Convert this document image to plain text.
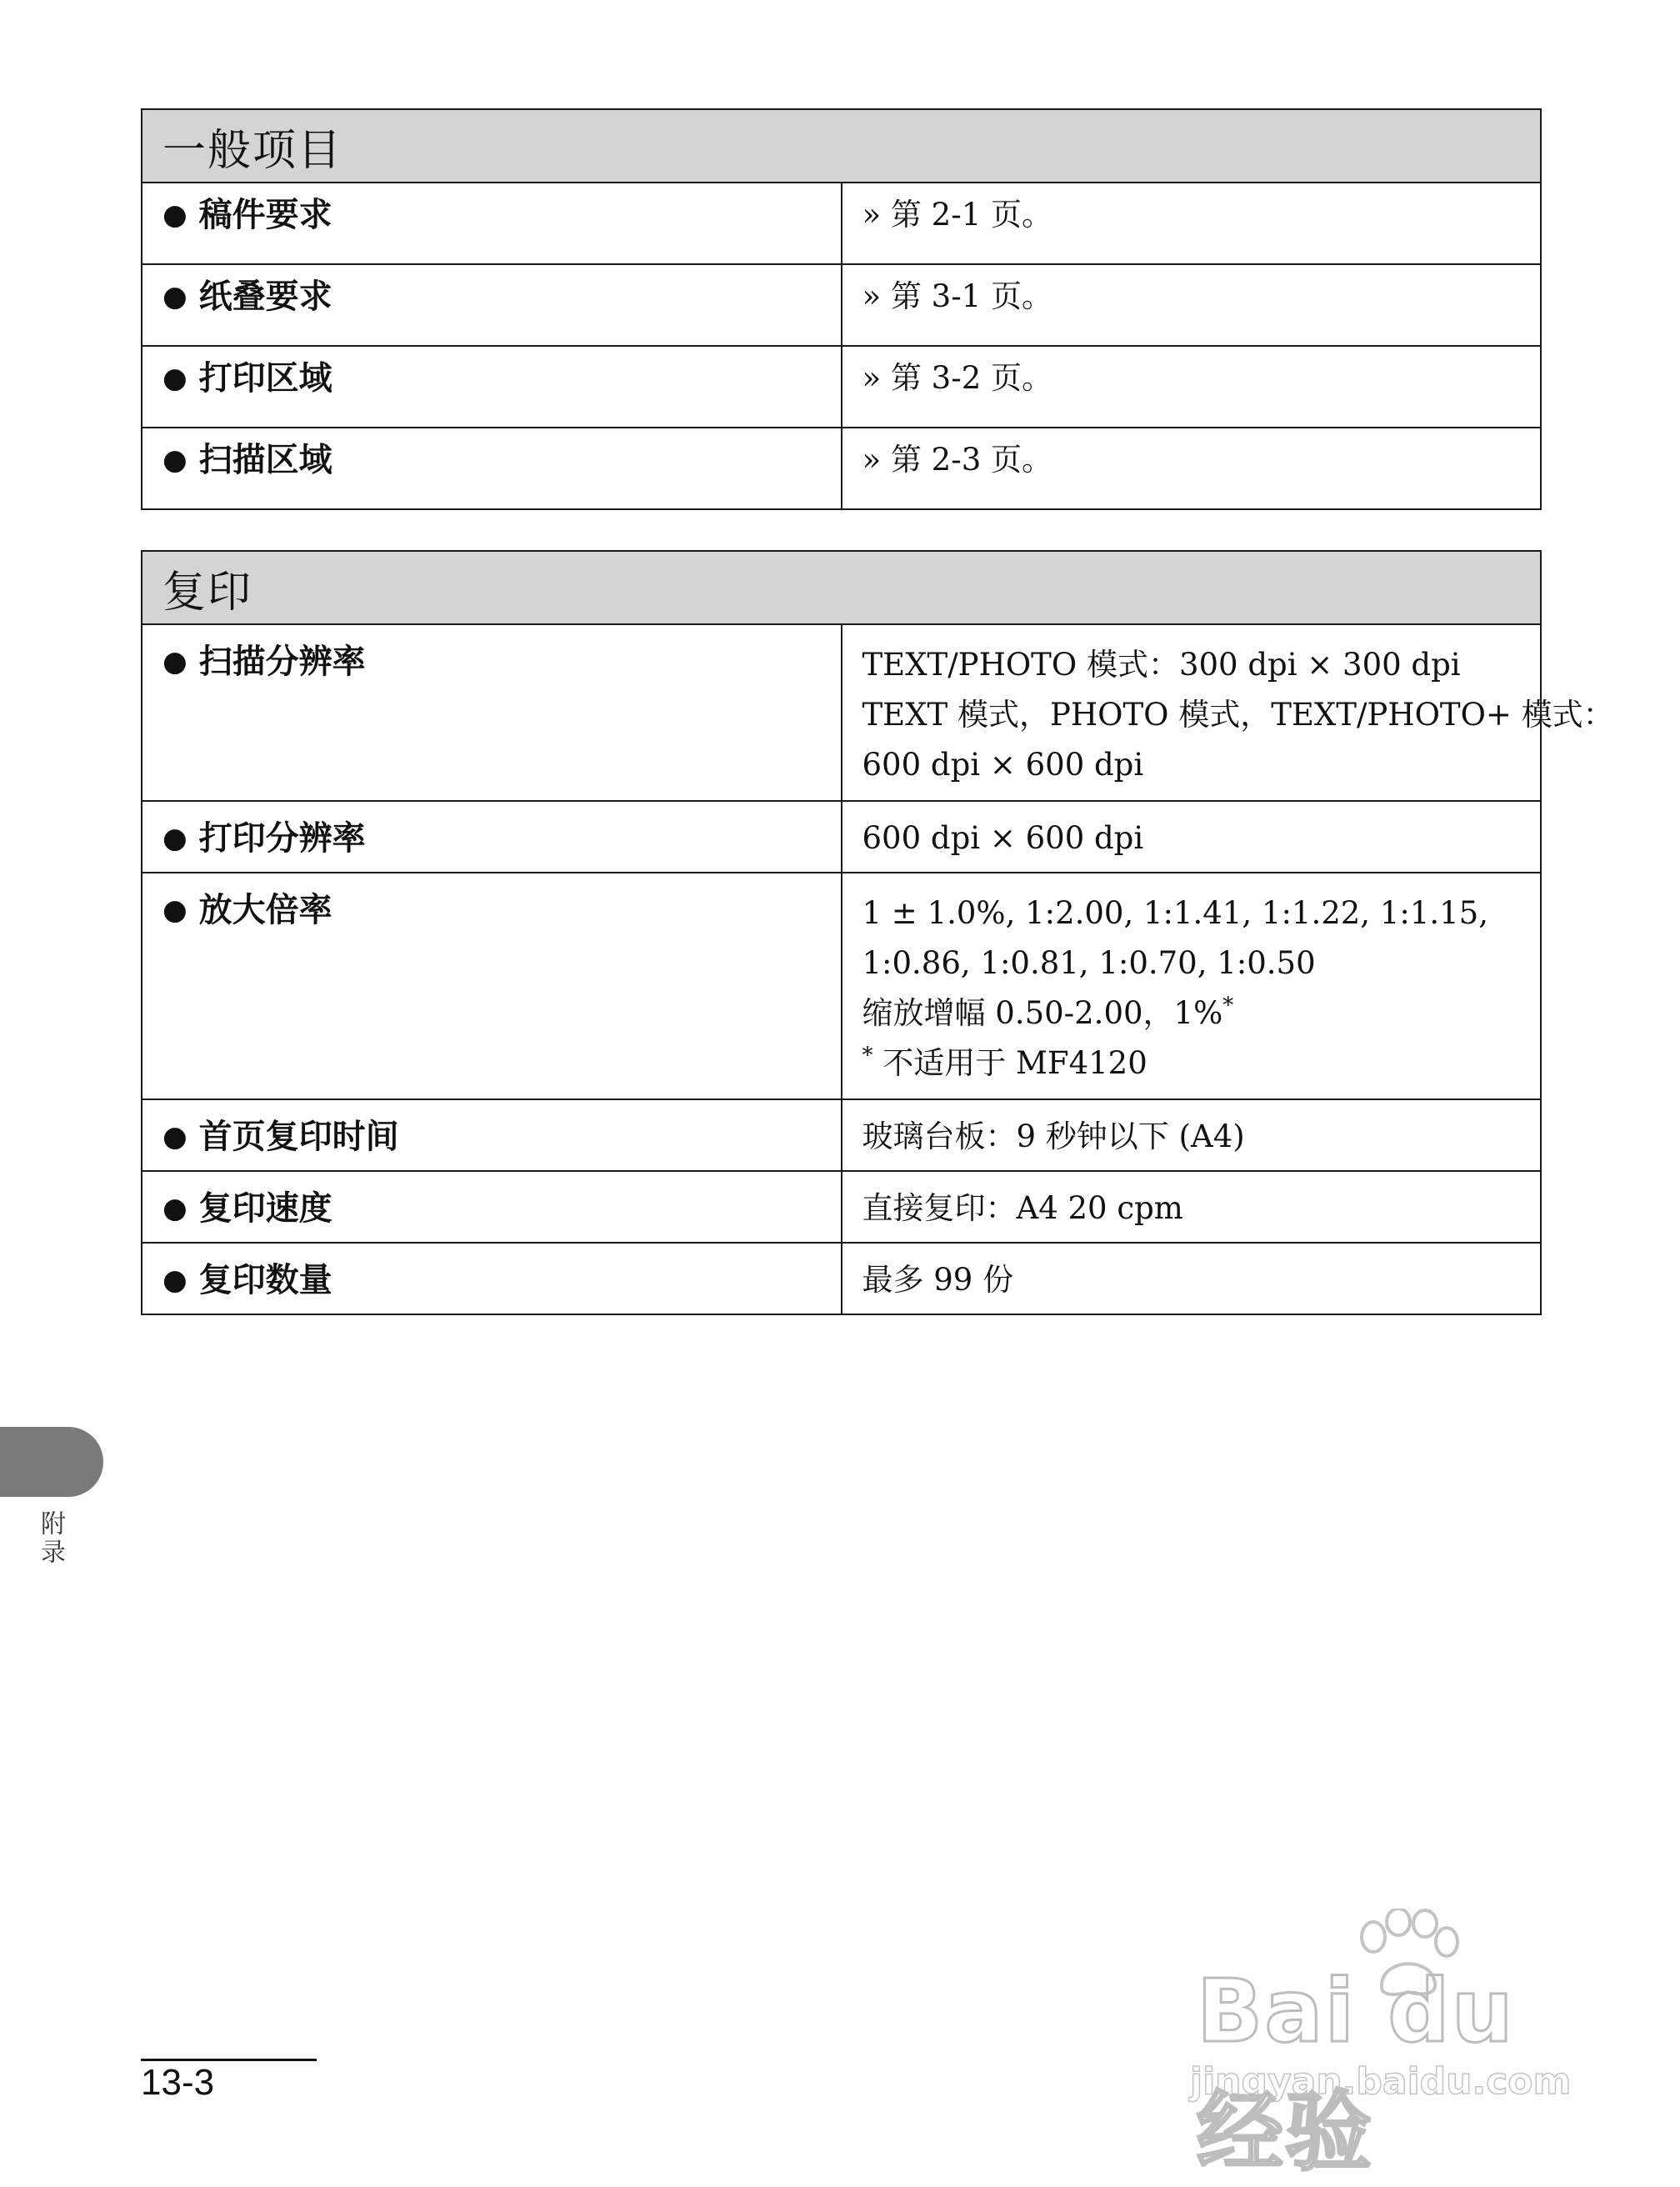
一般项目	
● 稿件要求	» 第 2-1 页。

● 纸叠要求	» 第 3-1 页。

● 打印区域	» 第 3-2 页。

● 扫描区域	» 第 2-3 页。
复印	
● 扫描分辨率	TEXT/PHOTO 模式：300 dpi × 300 dpi
TEXT 模式，PHOTO 模式，TEXT/PHOTO+ 模式：
600 dpi × 600 dpi

● 打印分辨率	600 dpi × 600 dpi

● 放大倍率	1 ± 1.0%, 1:2.00, 1:1.41, 1:1.22, 1:1.15,
1:0.86, 1:0.81, 1:0.70, 1:0.50
缩放增幅 0.50-2.00，1%*
* 不适用于 MF4120

● 首页复印时间	玻璃台板：9 秒钟以下 (A4)

● 复印速度	直接复印：A4 20 cpm

● 复印数量	最多 99 份
附录
13-3
Bai du 经验
jingyan.baidu.com
